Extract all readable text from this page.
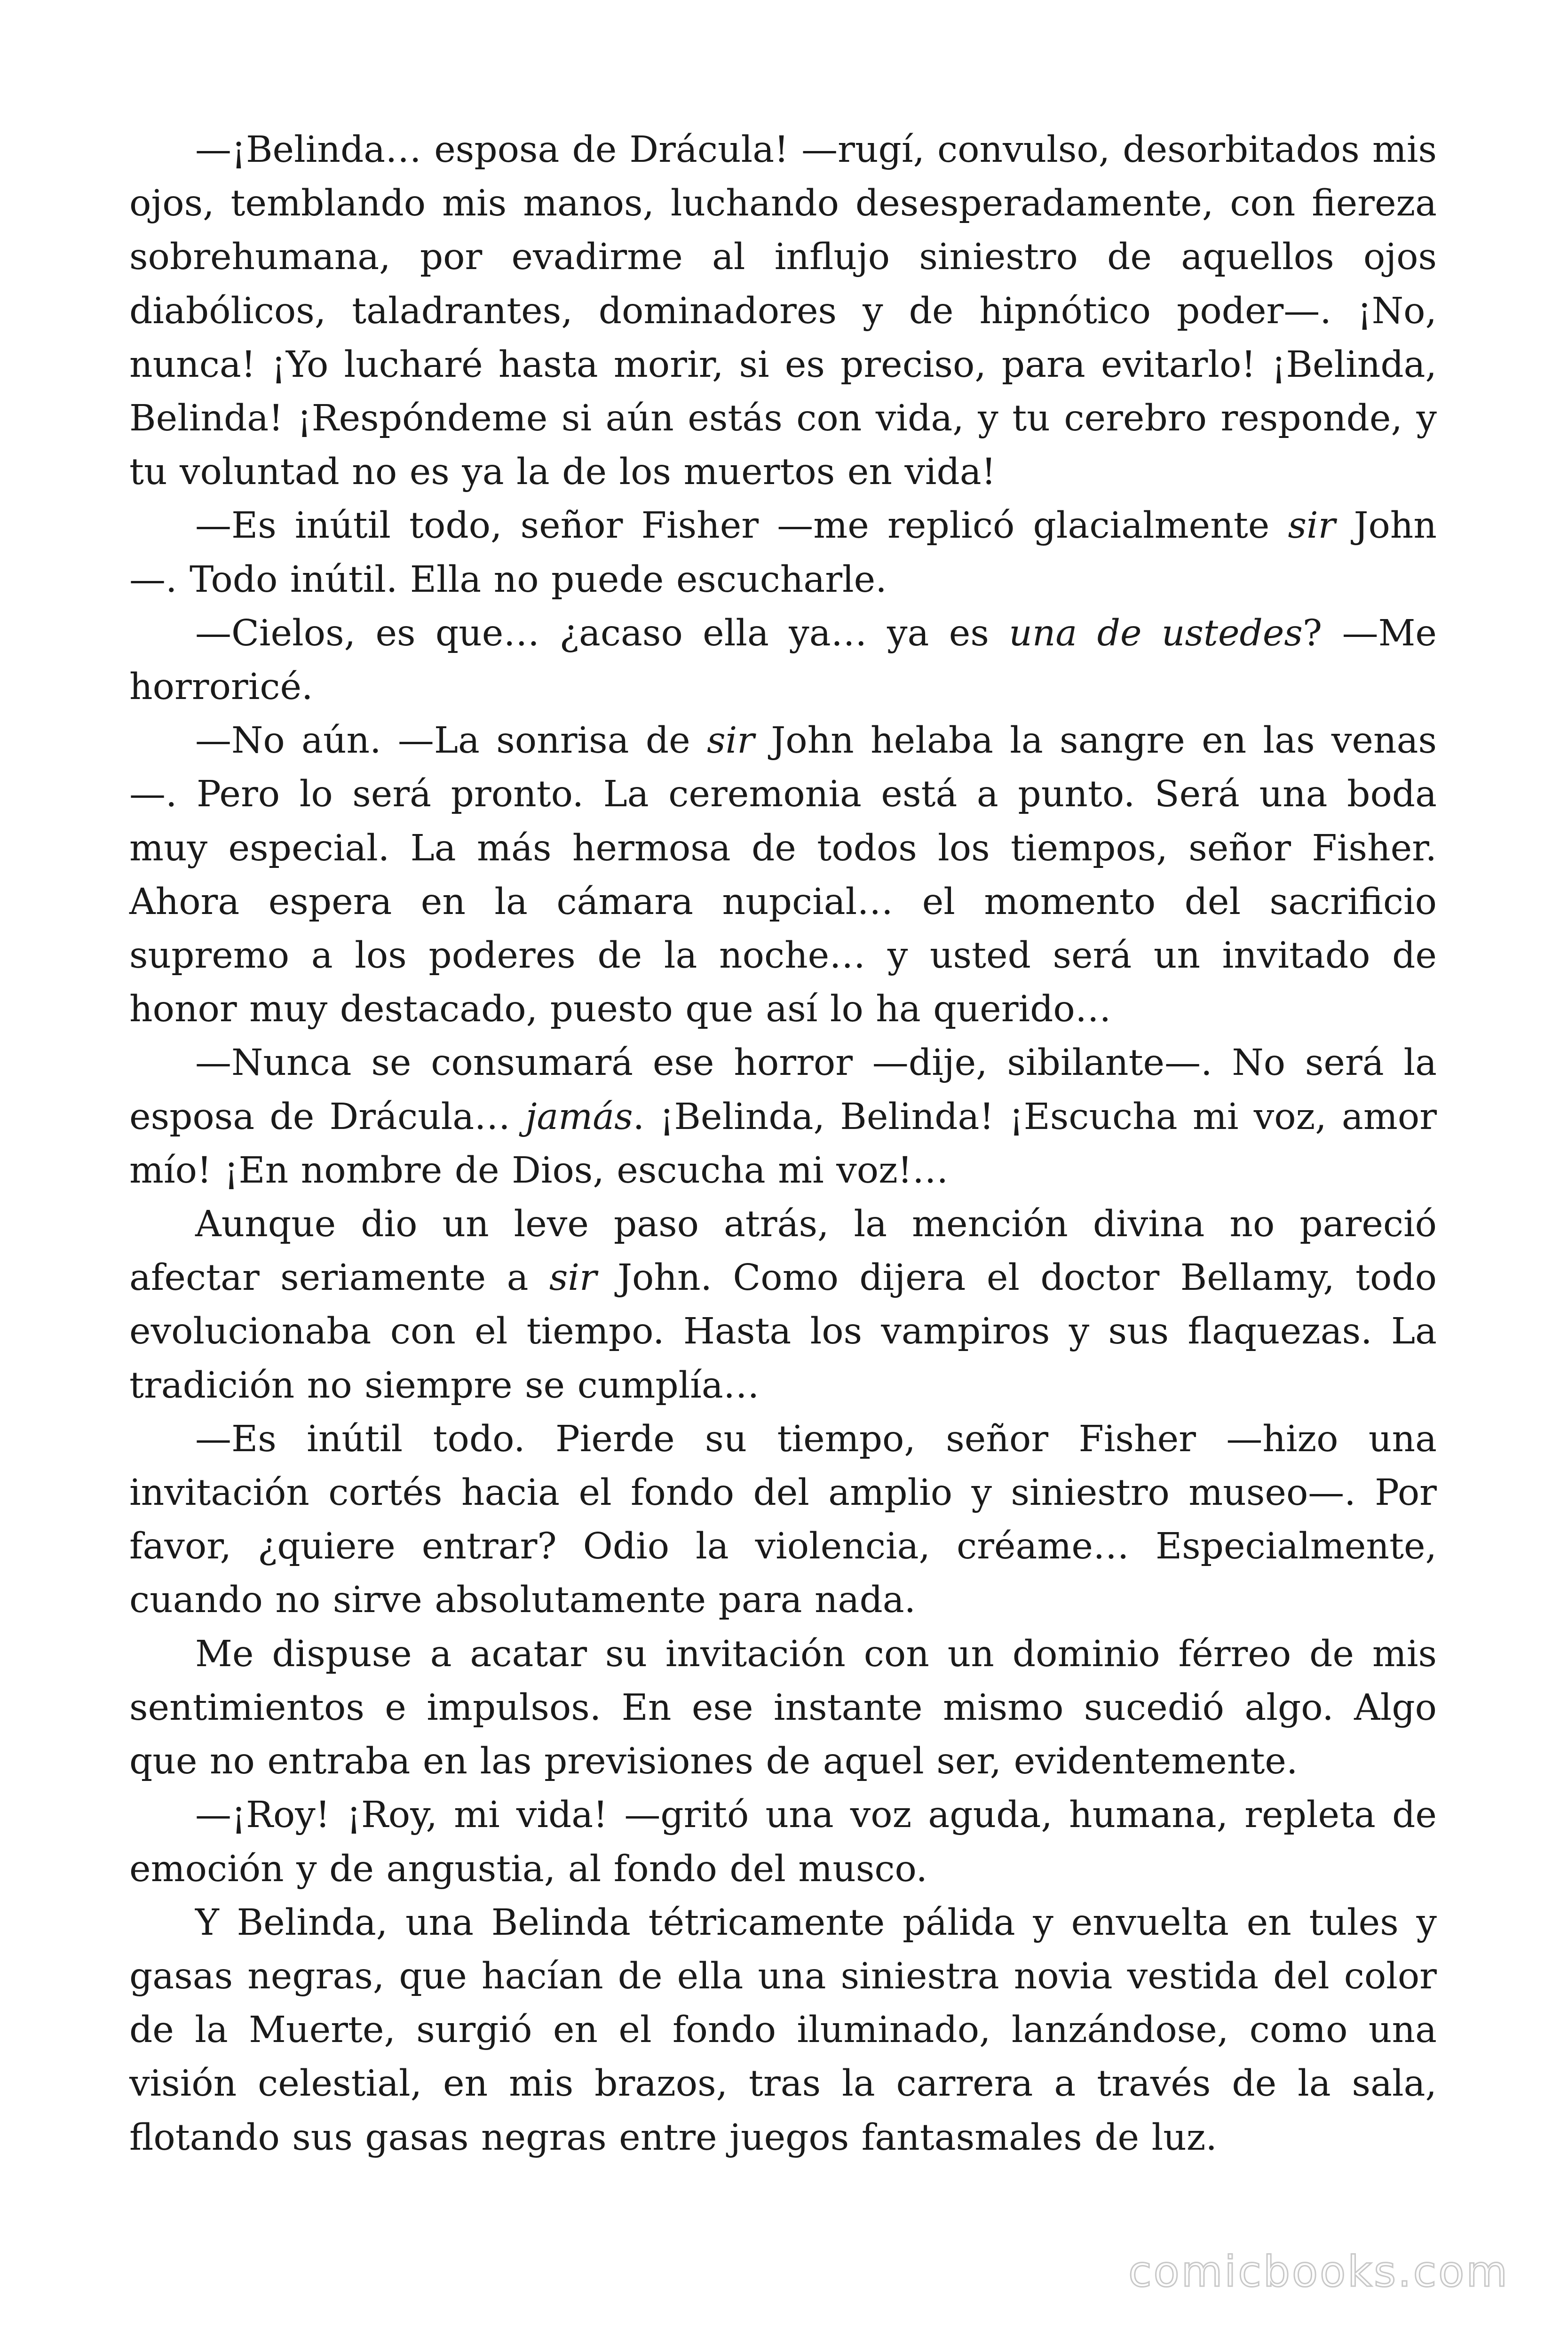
—¡Belinda… esposa de Drácula! —rugí, convulso, desorbitados mis ojos, temblando mis manos, luchando desesperadamente, con fiereza sobrehumana, por evadirme al influjo siniestro de aquellos ojos diabólicos, taladrantes, dominadores y de hipnótico poder—. ¡No, nunca! ¡Yo lucharé hasta morir, si es preciso, para evitarlo! ¡Belinda, Belinda! ¡Respóndeme si aún estás con vida, y tu cerebro responde, y tu voluntad no es ya la de los muertos en vida!

—Es inútil todo, señor Fisher —me replicó glacialmente sir John —. Todo inútil. Ella no puede escucharle.

—Cielos, es que… ¿acaso ella ya… ya es una de ustedes? —Me horroricé.

—No aún. —La sonrisa de sir John helaba la sangre en las venas —. Pero lo será pronto. La ceremonia está a punto. Será una boda muy especial. La más hermosa de todos los tiempos, señor Fisher. Ahora espera en la cámara nupcial… el momento del sacrificio supremo a los poderes de la noche… y usted será un invitado de honor muy destacado, puesto que así lo ha querido…

—Nunca se consumará ese horror —dije, sibilante—. No será la esposa de Drácula… jamás. ¡Belinda, Belinda! ¡Escucha mi voz, amor mío! ¡En nombre de Dios, escucha mi voz!…

Aunque dio un leve paso atrás, la mención divina no pareció afectar seriamente a sir John. Como dijera el doctor Bellamy, todo evolucionaba con el tiempo. Hasta los vampiros y sus flaquezas. La tradición no siempre se cumplía…

—Es inútil todo. Pierde su tiempo, señor Fisher —hizo una invitación cortés hacia el fondo del amplio y siniestro museo—. Por favor, ¿quiere entrar? Odio la violencia, créame… Especialmente, cuando no sirve absolutamente para nada.

Me dispuse a acatar su invitación con un dominio férreo de mis sentimientos e impulsos. En ese instante mismo sucedió algo. Algo que no entraba en las previsiones de aquel ser, evidentemente.

—¡Roy! ¡Roy, mi vida! —gritó una voz aguda, humana, repleta de emoción y de angustia, al fondo del musco.

Y Belinda, una Belinda tétricamente pálida y envuelta en tules y gasas negras, que hacían de ella una siniestra novia vestida del color de la Muerte, surgió en el fondo iluminado, lanzándose, como una visión celestial, en mis brazos, tras la carrera a través de la sala, flotando sus gasas negras entre juegos fantasmales de luz.

comicbooks.com
